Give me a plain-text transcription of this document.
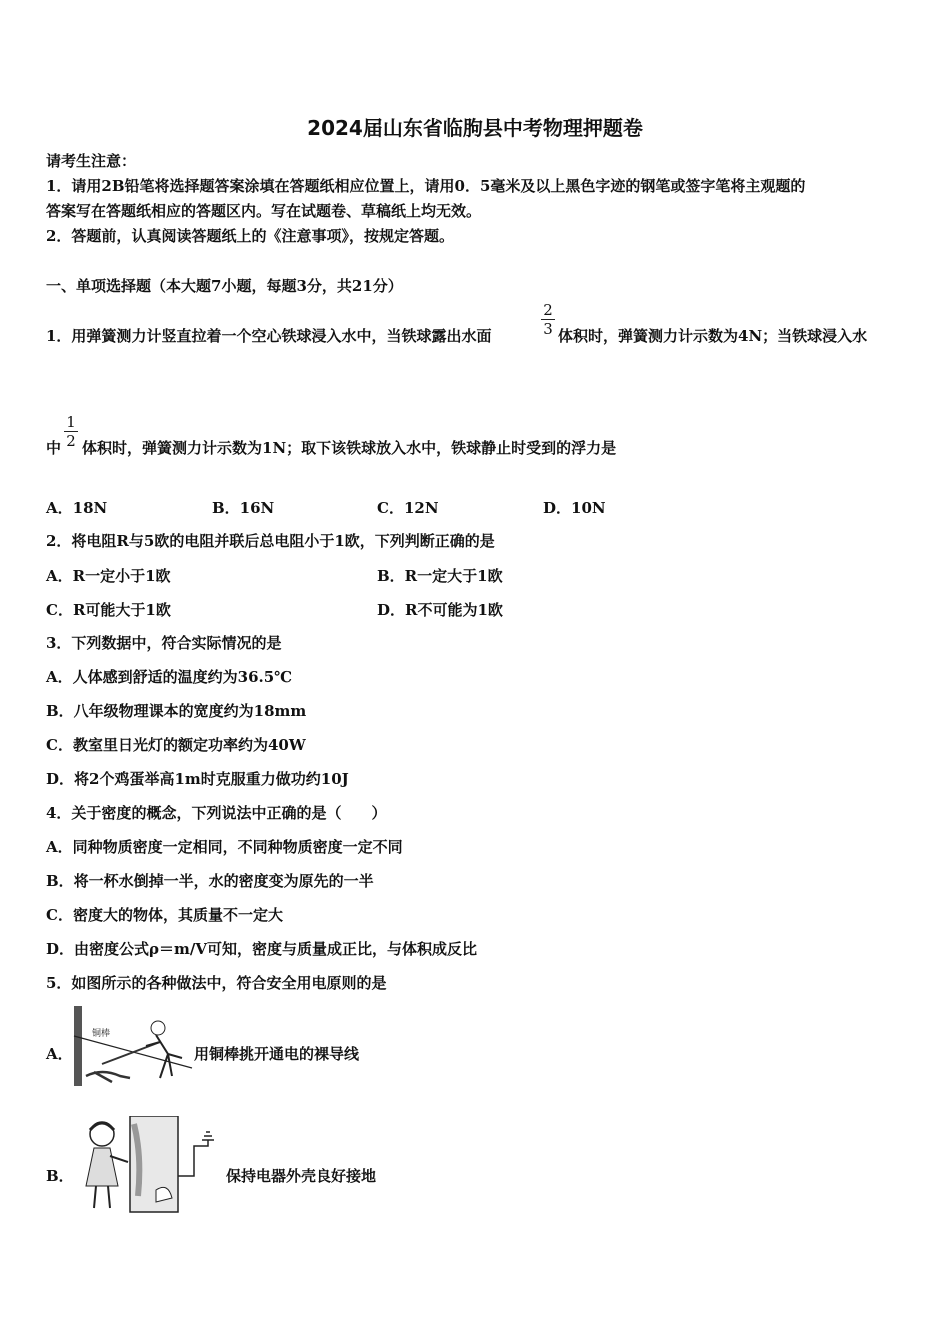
2024届山东省临朐县中考物理押题卷
请考生注意：
1．请用2B铅笔将选择题答案涂填在答题纸相应位置上，请用0．5毫米及以上黑色字迹的钢笔或签字笔将主观题的
答案写在答题纸相应的答题区内。写在试题卷、草稿纸上均无效。
2．答题前，认真阅读答题纸上的《注意事项》，按规定答题。
一、单项选择题（本大题7小题，每题3分，共21分）
1．用弹簧测力计竖直拉着一个空心铁球浸入水中，当铁球露出水面
2
3 体积时，弹簧测力计示数为4N；当铁球浸入水
中
1
2 体积时，弹簧测力计示数为1N；取下该铁球放入水中，铁球静止时受到的浮力是
A．18N	B．16N	C．12N	D．10N
2．将电阻R与5欧的电阻并联后总电阻小于1欧，下列判断正确的是
A．R一定小于1欧	B．R一定大于1欧
C．R可能大于1欧	D．R不可能为1欧
3．下列数据中，符合实际情况的是
A．人体感到舒适的温度约为36.5℃
B．八年级物理课本的宽度约为18mm
C．教室里日光灯的额定功率约为40W
D．将2个鸡蛋举高1m时克服重力做功约10J
4．关于密度的概念，下列说法中正确的是（　　）
A．同种物质密度一定相同，不同种物质密度一定不同
B．将一杯水倒掉一半，水的密度变为原先的一半
C．密度大的物体，其质量不一定大
D．由密度公式ρ＝m/V可知，密度与质量成正比，与体积成反比
5．如图所示的各种做法中，符合安全用电原则的是
A．
铜棒
用铜棒挑开通电的裸导线
B．	保持电器外壳良好接地
